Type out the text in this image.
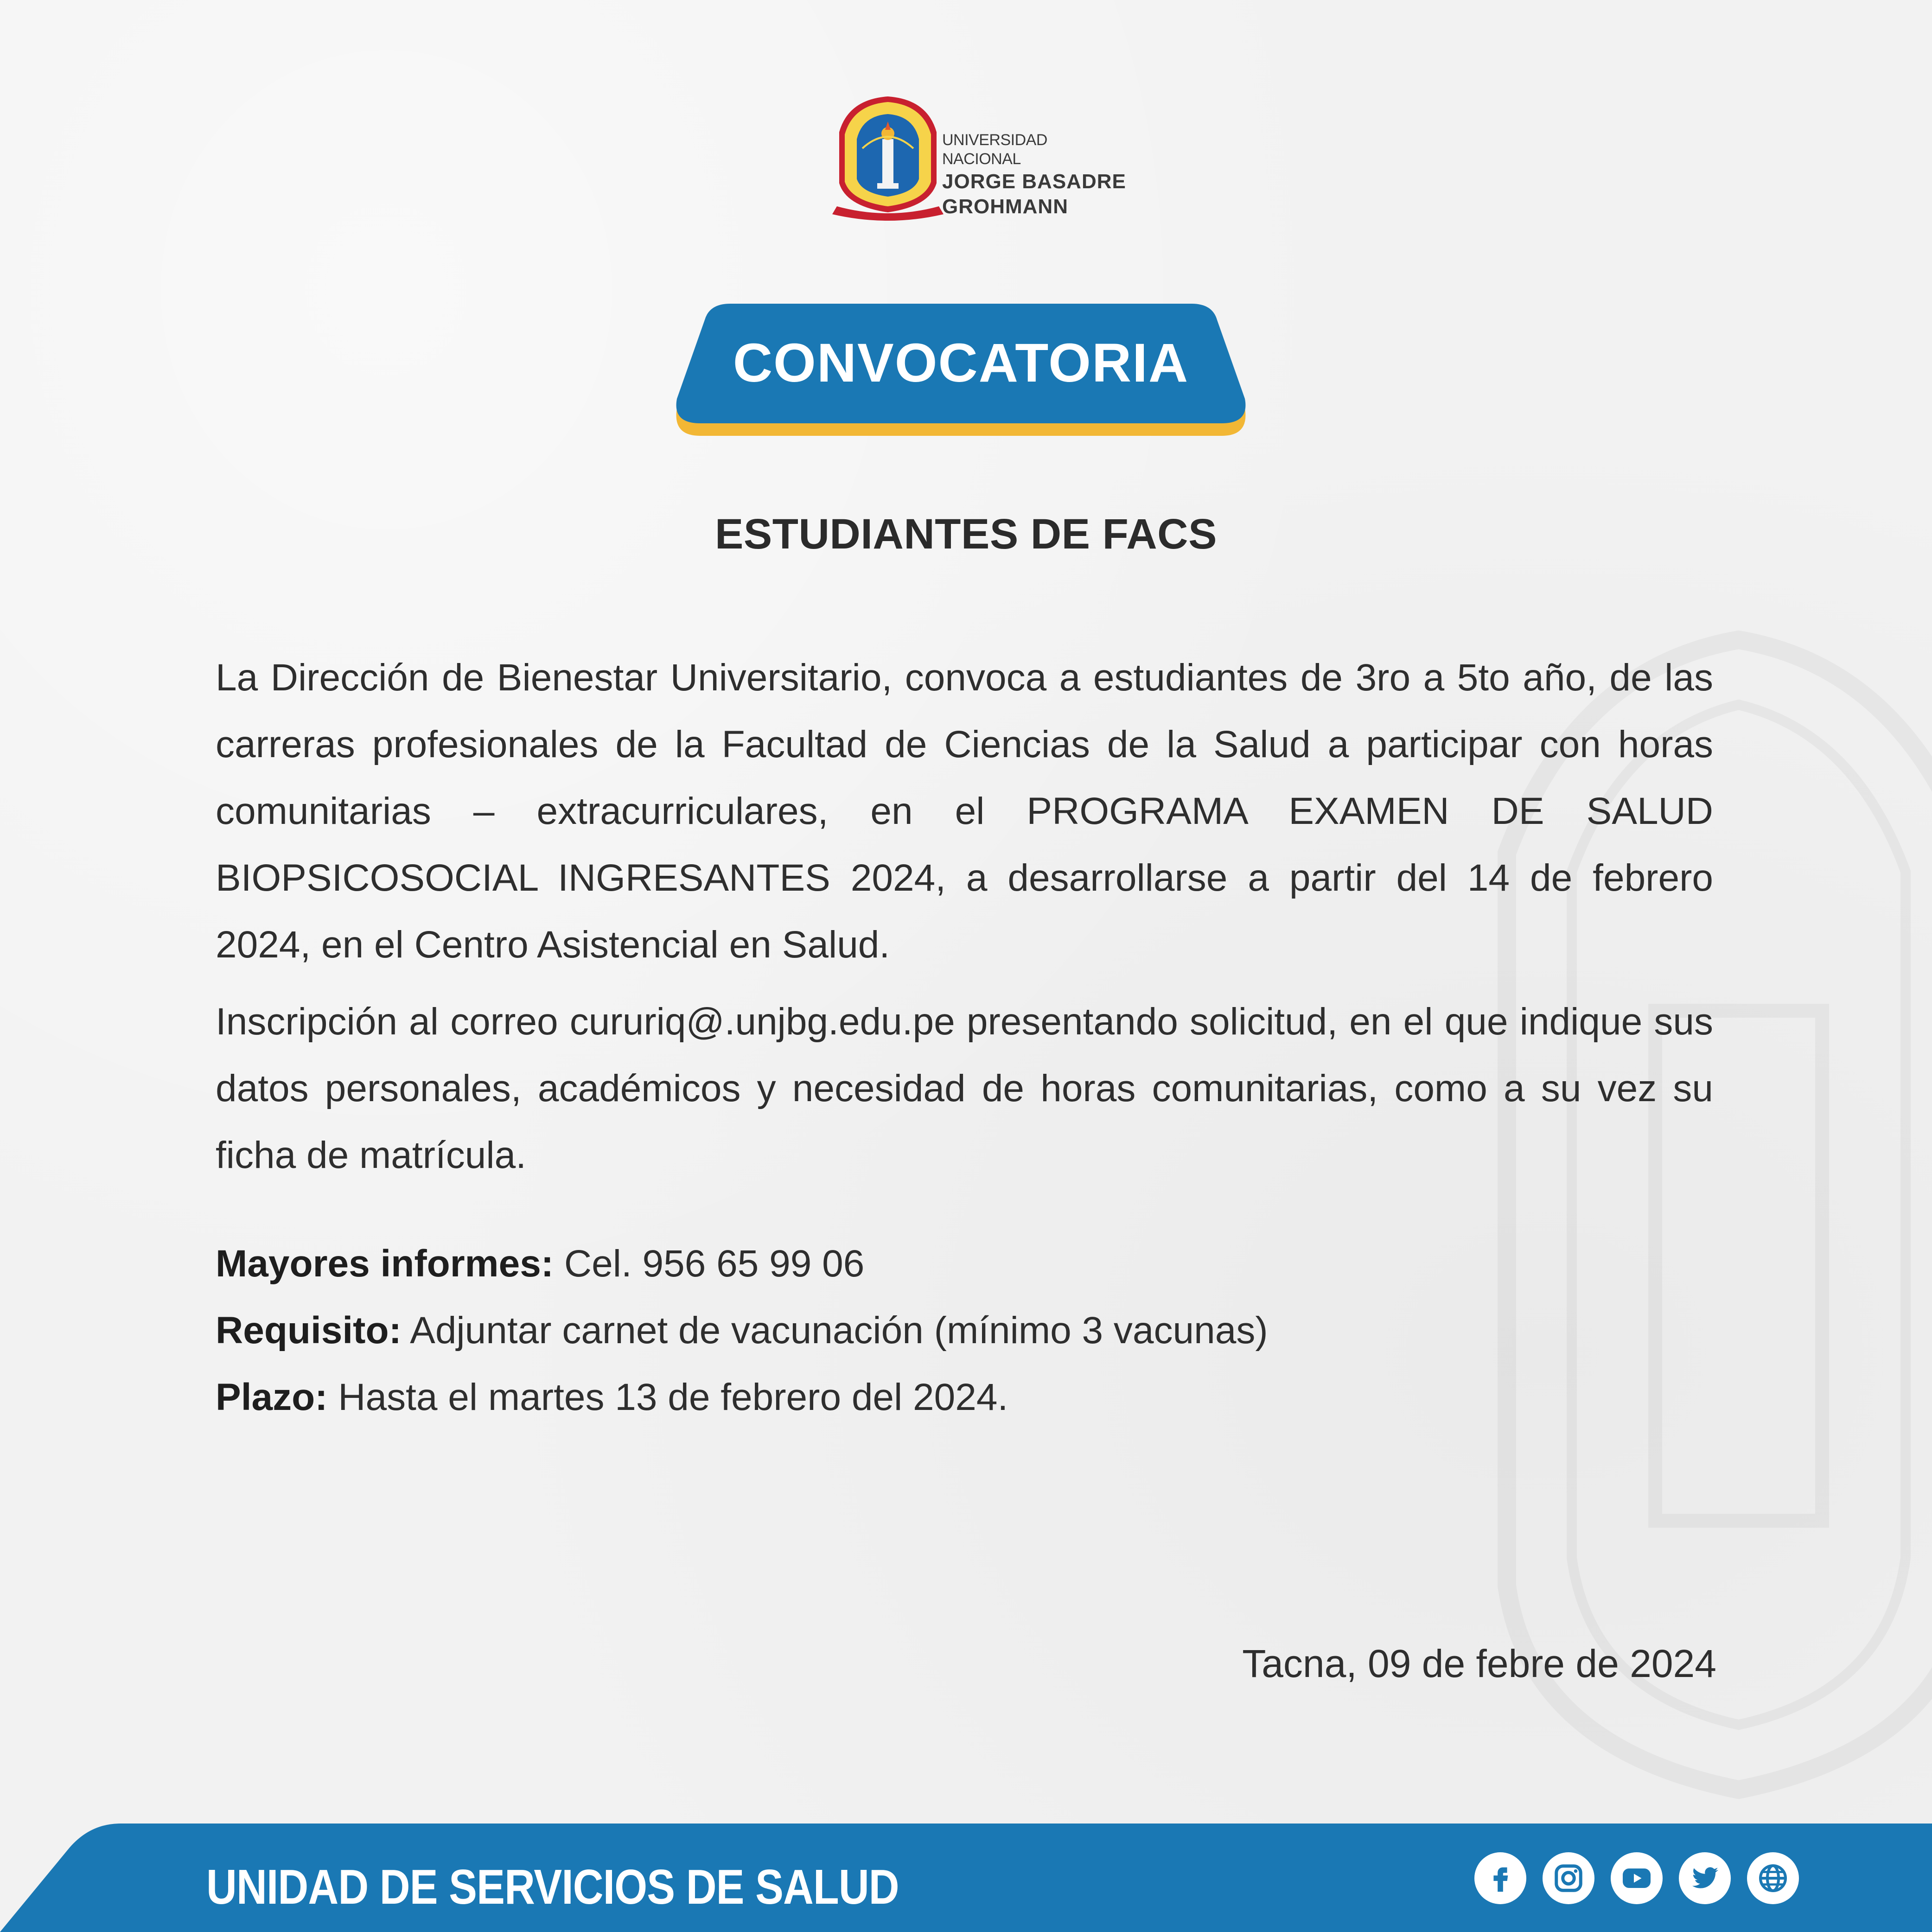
UNIVERSIDAD NACIONAL
JORGE BASADRE
GROHMANN
CONVOCATORIA
ESTUDIANTES DE FACS

La Dirección de Bienestar Universitario, convoca a estudiantes de 3ro a 5to año, de las carreras profesionales de la Facultad de Ciencias de la Salud a participar con horas comunitarias – extracurriculares, en el PROGRAMA EXAMEN DE SALUD BIOPSICOSOCIAL INGRESANTES 2024, a desarrollarse a partir del 14 de febrero 2024, en el Centro Asistencial en Salud.

Inscripción al correo cururiq@.unjbg.edu.pe presentando solicitud, en el que indique sus datos personales, académicos y necesidad de horas comunitarias, como a su vez su ficha de matrícula.

Mayores informes: Cel. 956 65 99 06

Requisito: Adjuntar carnet de vacunación (mínimo 3 vacunas)

Plazo: Hasta el martes 13 de febrero del 2024.

Tacna, 09 de febre de 2024
UNIDAD DE SERVICIOS DE SALUD
